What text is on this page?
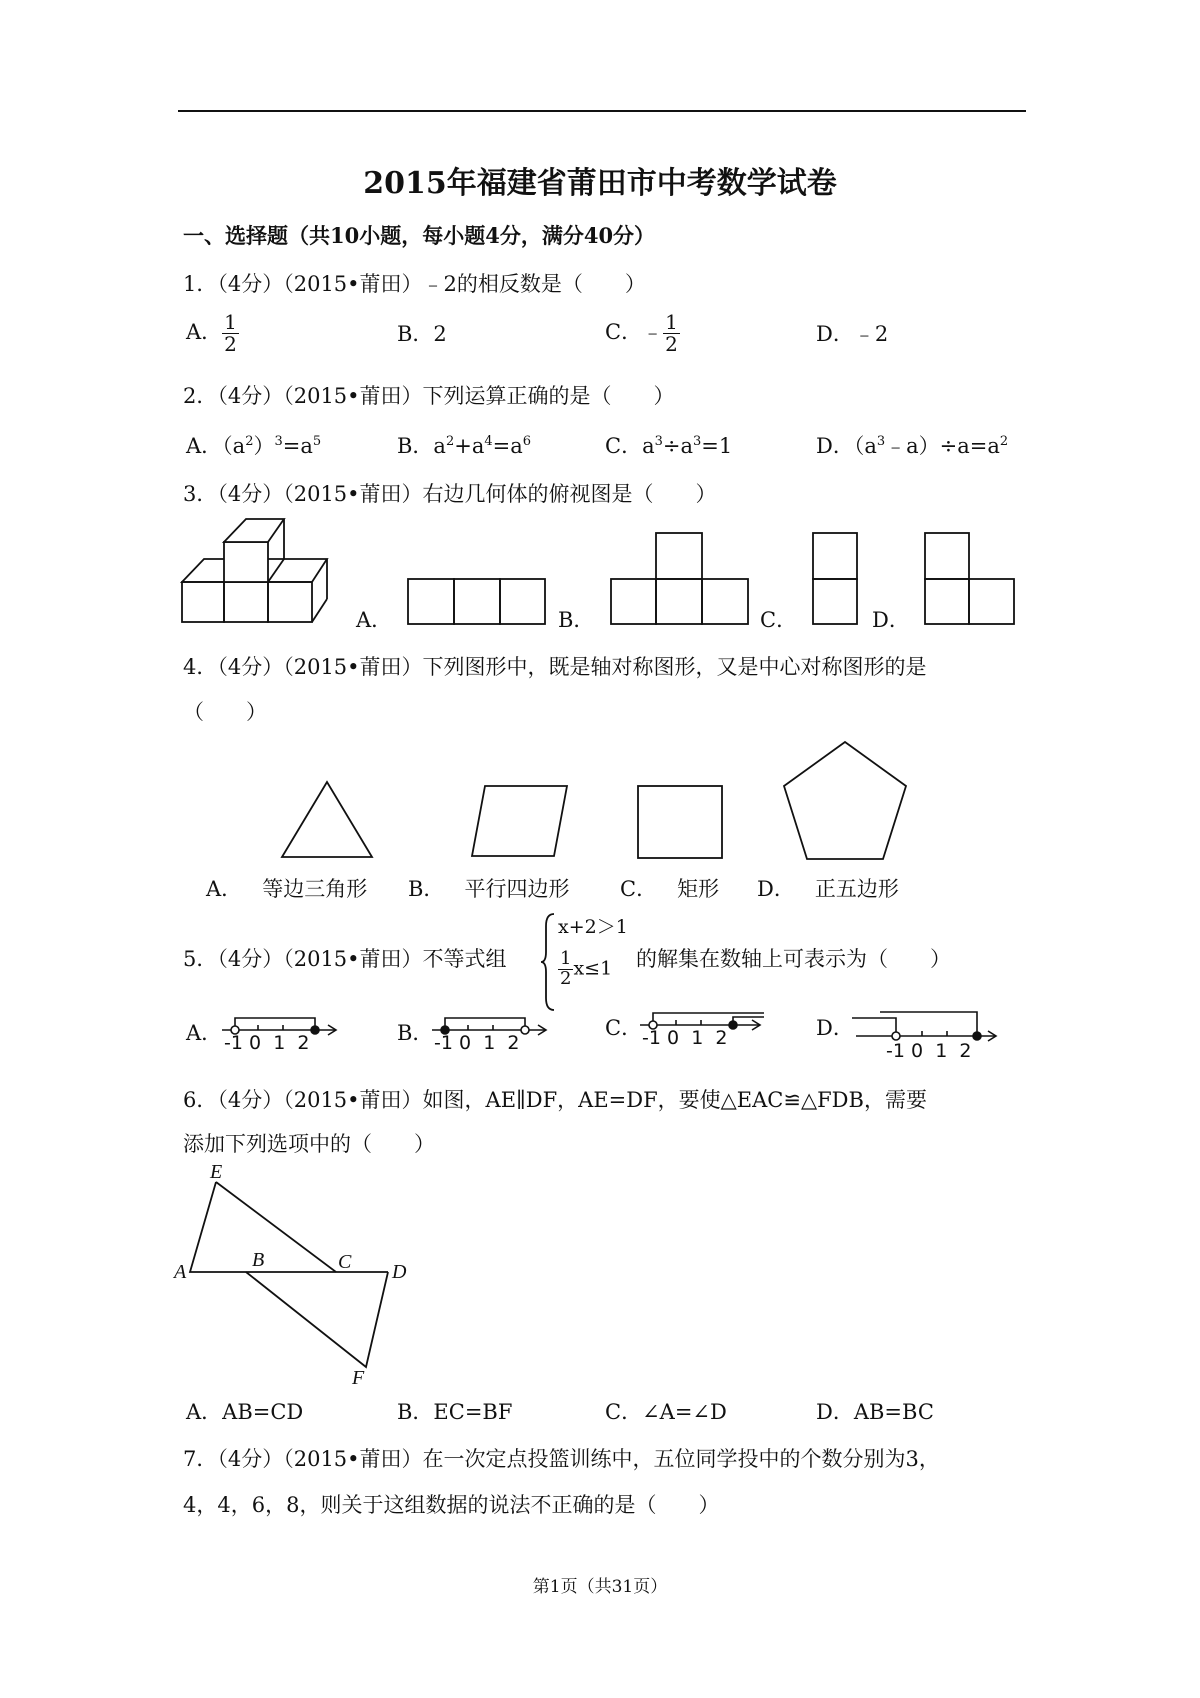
2015年福建省莆田市中考数学试卷
一、选择题（共10小题，每小题4分，满分40分）
1．（4分）（2015•莆田）﹣2的相反数是（　　）
A． $\frac{1}{2}$	B．2	C．﹣ $\frac{1}{2}$	D．﹣2
2．（4分）（2015•莆田）下列运算正确的是（　　）
A．$(a^2)^3=a^5$	B．$a^2+a^4=a^6$	C．$a^3\div a^3=1$	D．$(a^3﹣a)\div a=a^2$
3．（4分）（2015•莆田）右边几何体的俯视图是（　　）
A．	B．	C．	D．
4．（4分）（2015•莆田）下列图形中，既是轴对称图形，又是中心对称图形的是
（　　）
A． 等边三角形 B． 平行四边形 C． 矩形 D． 正五边形
5．（4分）（2015•莆田）不等式组
x+2＞1
$\frac{1}{2} x\le 1$ 的解集在数轴上可表示为（　　）
A． -1 0 1 2	B． -1 0 1 2
C． -1 0 1 2	D．
-1 0 1 2
6．（4分）（2015•莆田）如图，AE∥DF，AE=DF，要使△EAC≌△FDB，需要
添加下列选项中的（　　）
E
A
B	C D
F
A．AB=CD	B．EC=BF	C．∠A=∠D	D．AB=BC
7．（4分）（2015•莆田）在一次定点投篮训练中，五位同学投中的个数分别为3，
4，4，6，8，则关于这组数据的说法不正确的是（　　）
第1页（共31页）
